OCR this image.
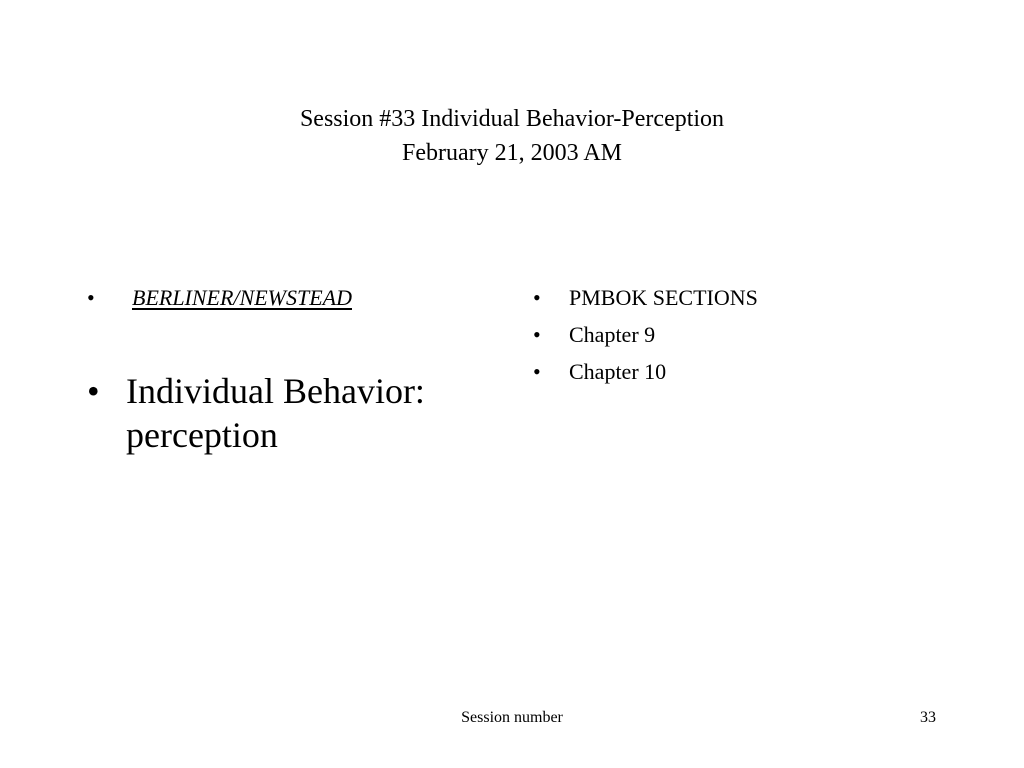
Session #33 Individual Behavior-Perception
February 21, 2003 AM
•	BERLINER/NEWSTEAD
• Individual Behavior: perception
•	PMBOK SECTIONS
•	Chapter 9
•	Chapter 10
Session number	33
